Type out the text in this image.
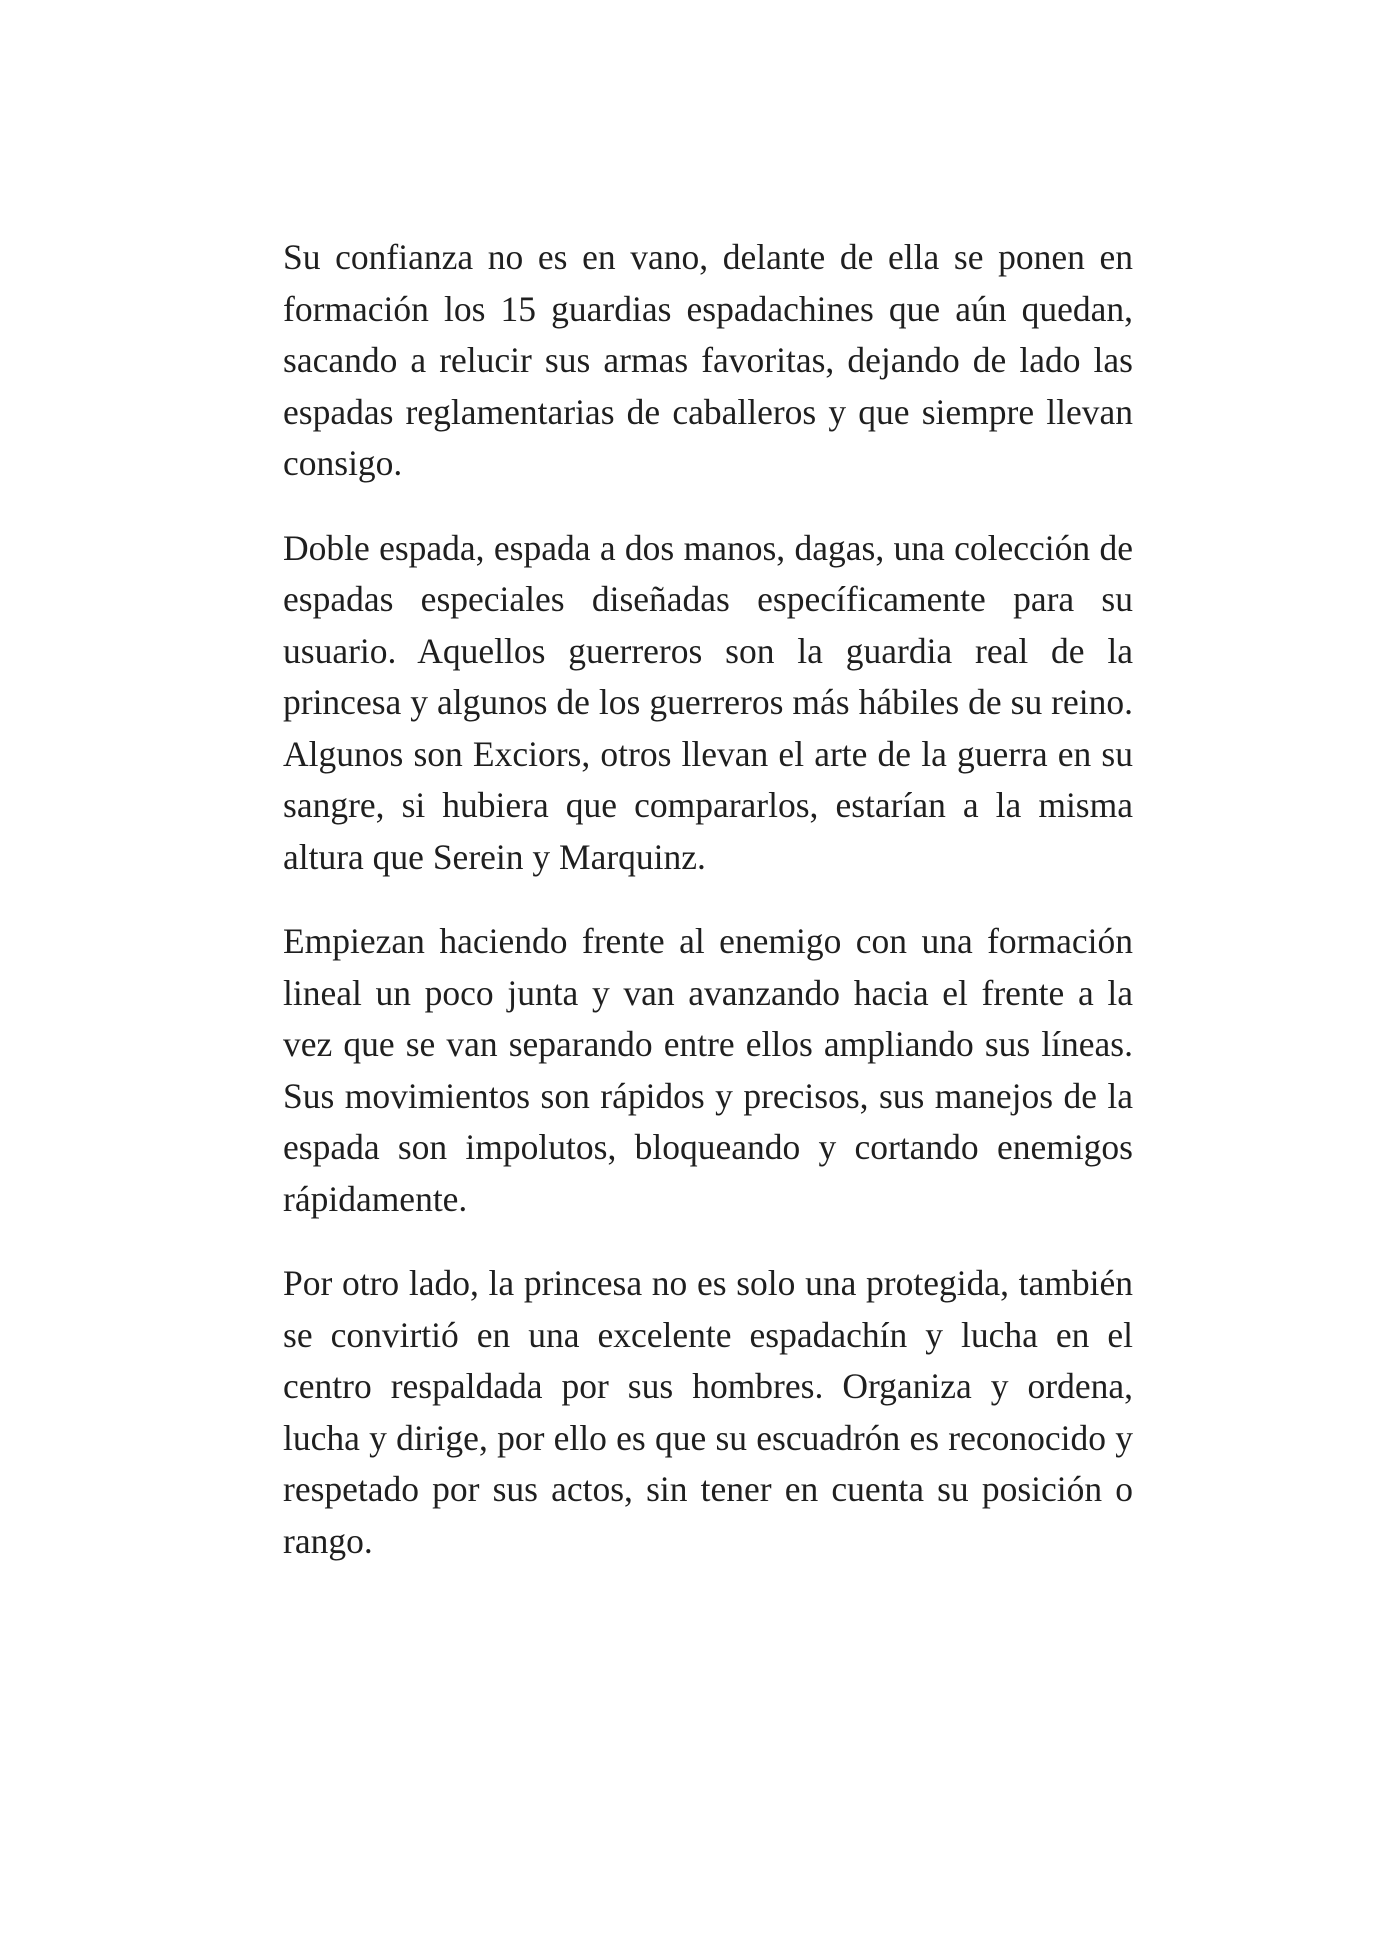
Su confianza no es en vano, delante de ella se ponen en formación los 15 guardias espadachines que aún quedan, sacando a relucir sus armas favoritas, dejando de lado las espadas reglamentarias de caballeros y que siempre llevan consigo.

Doble espada, espada a dos manos, dagas, una colección de espadas especiales diseñadas específicamente para su usuario. Aquellos guerreros son la guardia real de la princesa y algunos de los guerreros más hábiles de su reino. Algunos son Exciors, otros llevan el arte de la guerra en su sangre, si hubiera que compararlos, estarían a la misma altura que Serein y Marquinz.

Empiezan haciendo frente al enemigo con una formación lineal un poco junta y van avanzando hacia el frente a la vez que se van separando entre ellos ampliando sus líneas. Sus movimientos son rápidos y precisos, sus manejos de la espada son impolutos, bloqueando y cortando enemigos rápidamente.

Por otro lado, la princesa no es solo una protegida, también se convirtió en una excelente espadachín y lucha en el centro respaldada por sus hombres. Organiza y ordena, lucha y dirige, por ello es que su escuadrón es reconocido y respetado por sus actos, sin tener en cuenta su posición o rango.
